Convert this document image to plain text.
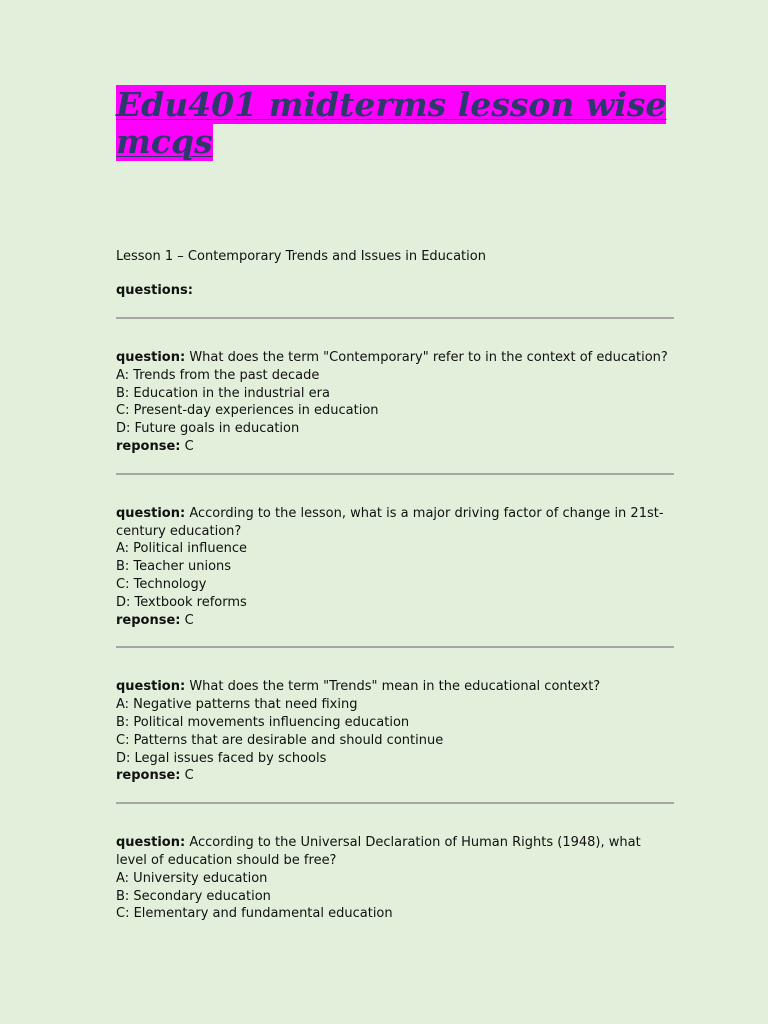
Edu401 midterms lesson wise mcqs

Lesson 1 – Contemporary Trends and Issues in Education

questions:

question: What does the term "Contemporary" refer to in the context of education?
A: Trends from the past decade
B: Education in the industrial era
C: Present-day experiences in education
D: Future goals in education
reponse: C
question: According to the lesson, what is a major driving factor of change in 21st-century education?
A: Political influence
B: Teacher unions
C: Technology
D: Textbook reforms
reponse: C
question: What does the term "Trends" mean in the educational context?
A: Negative patterns that need fixing
B: Political movements influencing education
C: Patterns that are desirable and should continue
D: Legal issues faced by schools
reponse: C
question: According to the Universal Declaration of Human Rights (1948), what level of education should be free?
A: University education
B: Secondary education
C: Elementary and fundamental education
